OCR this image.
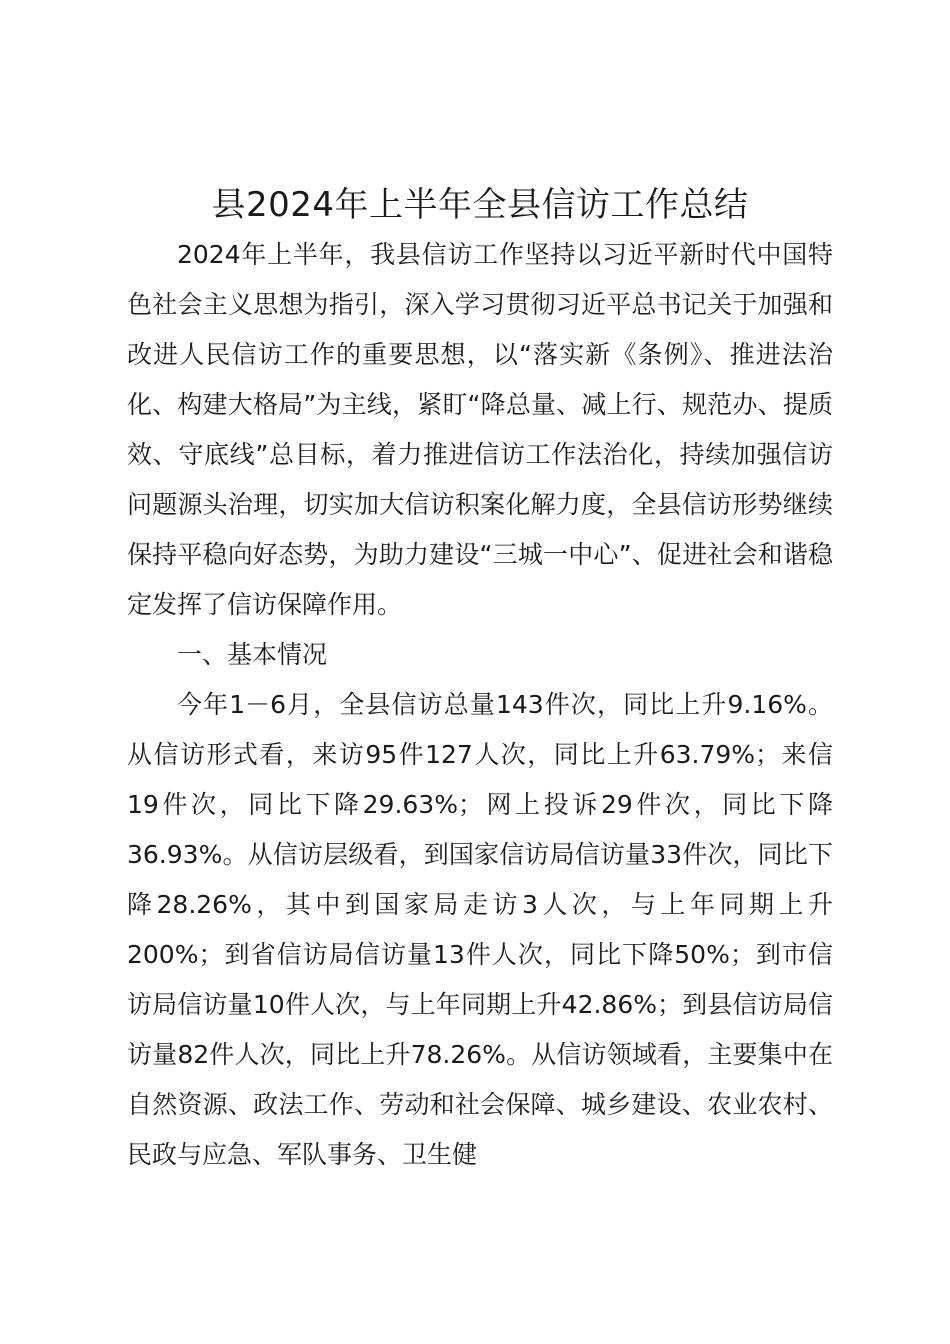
县2024年上半年全县信访工作总结

2024年上半年，我县信访工作坚持以习近平新时代中国特色社会主义思想为指引，深入学习贯彻习近平总书记关于加强和改进人民信访工作的重要思想，以“落实新《条例》、推进法治化、构建大格局”为主线，紧盯“降总量、减上行、规范办、提质效、守底线”总目标，着力推进信访工作法治化，持续加强信访问题源头治理，切实加大信访积案化解力度，全县信访形势继续保持平稳向好态势，为助力建设“三城一中心”、促进社会和谐稳定发挥了信访保障作用。

一、基本情况

今年1－6月，全县信访总量143件次，同比上升9.16%。从信访形式看，来访95件127人次，同比上升63.79%；来信19件次，同比下降29.63%；网上投诉29件次，同比下降36.93%。从信访层级看，到国家信访局信访量33件次，同比下降28.26%，其中到国家局走访3人次，与上年同期上升200%；到省信访局信访量13件人次，同比下降50%；到市信访局信访量10件人次，与上年同期上升42.86%；到县信访局信访量82件人次，同比上升78.26%。从信访领域看，主要集中在自然资源、政法工作、劳动和社会保障、城乡建设、农业农村、民政与应急、军队事务、卫生健
